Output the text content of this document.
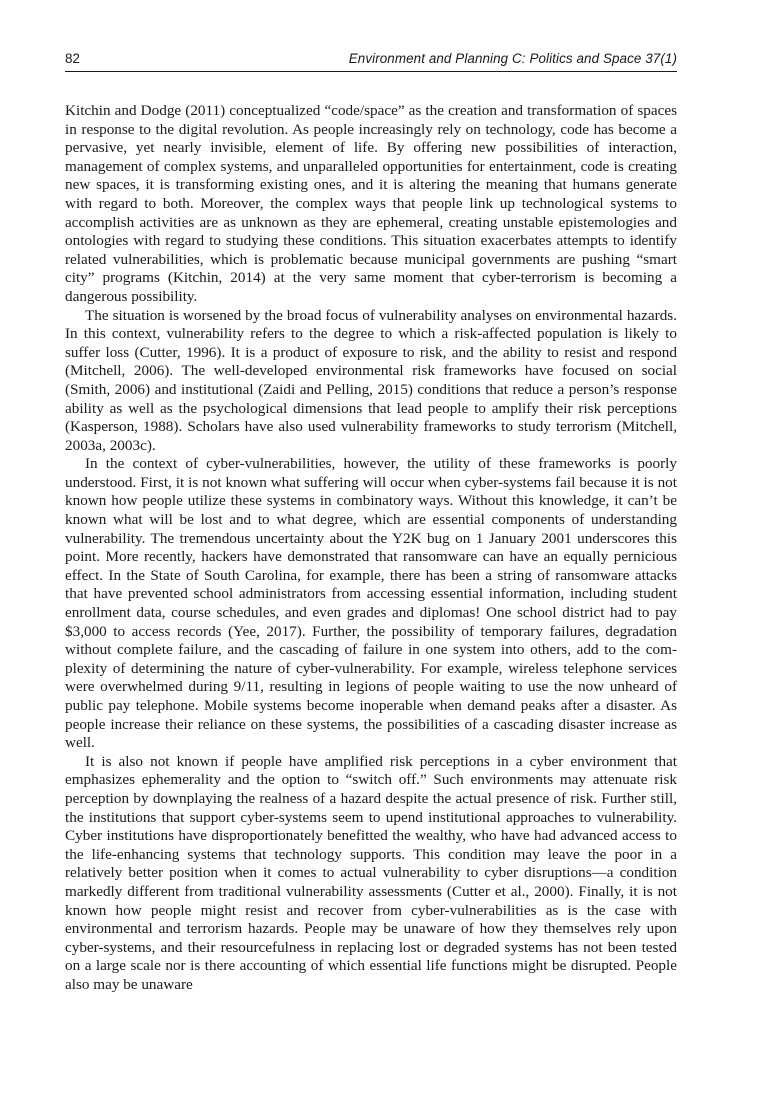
82	Environment and Planning C: Politics and Space 37(1)

Kitchin and Dodge (2011) conceptualized “code/space” as the creation and transformation of spaces in response to the digital revolution. As people increasingly rely on technology, code has become a pervasive, yet nearly invisible, element of life. By offering new possibilities of interaction, management of complex systems, and unparalleled opportunities for entertainment, code is creating new spaces, it is transforming existing ones, and it is altering the meaning that humans generate with regard to both. Moreover, the complex ways that people link up technological systems to accomplish activities are as unknown as they are ephemeral, creating unstable epistemologies and ontologies with regard to studying these conditions. This situation exacerbates attempts to identify related vulnerabilities, which is problematic because municipal governments are pushing “smart city” programs (Kitchin, 2014) at the very same moment that cyber-terrorism is becoming a dangerous possibility.

The situation is worsened by the broad focus of vulnerability analyses on environmental hazards. In this context, vulnerability refers to the degree to which a risk-affected population is likely to suffer loss (Cutter, 1996). It is a product of exposure to risk, and the ability to resist and respond (Mitchell, 2006). The well-developed environmental risk frameworks have focused on social (Smith, 2006) and institutional (Zaidi and Pelling, 2015) conditions that reduce a person’s response ability as well as the psychological dimensions that lead people to amplify their risk perceptions (Kasperson, 1988). Scholars have also used vulnerability frameworks to study terrorism (Mitchell, 2003a, 2003c).

In the context of cyber-vulnerabilities, however, the utility of these frameworks is poorly understood. First, it is not known what suffering will occur when cyber-systems fail because it is not known how people utilize these systems in combinatory ways. Without this knowledge, it can’t be known what will be lost and to what degree, which are essential components of understanding vulnerability. The tremendous uncertainty about the Y2K bug on 1 January 2001 underscores this point. More recently, hackers have demonstrated that ransomware can have an equally pernicious effect. In the State of South Carolina, for example, there has been a string of ransomware attacks that have prevented school administrators from accessing essential information, including student enrollment data, course schedules, and even grades and diplomas! One school district had to pay $3,000 to access records (Yee, 2017). Further, the possibility of temporary failures, degradation without complete failure, and the cascading of failure in one system into others, add to the complexity of determining the nature of cyber-vulnerability. For example, wireless telephone services were overwhelmed during 9/11, resulting in legions of people waiting to use the now unheard of public pay telephone. Mobile systems become inoperable when demand peaks after a disaster. As people increase their reliance on these systems, the possibilities of a cascading disaster increase as well.

It is also not known if people have amplified risk perceptions in a cyber environment that emphasizes ephemerality and the option to “switch off.” Such environments may attenuate risk perception by downplaying the realness of a hazard despite the actual presence of risk. Further still, the institutions that support cyber-systems seem to upend institutional approaches to vulnerability. Cyber institutions have disproportionately benefitted the wealthy, who have had advanced access to the life-enhancing systems that technology supports. This condition may leave the poor in a relatively better position when it comes to actual vulnerability to cyber disruptions—a condition markedly different from traditional vulnerability assessments (Cutter et al., 2000). Finally, it is not known how people might resist and recover from cyber-vulnerabilities as is the case with environmental and terrorism hazards. People may be unaware of how they themselves rely upon cyber-systems, and their resourcefulness in replacing lost or degraded systems has not been tested on a large scale nor is there accounting of which essential life functions might be disrupted. People also may be unaware
